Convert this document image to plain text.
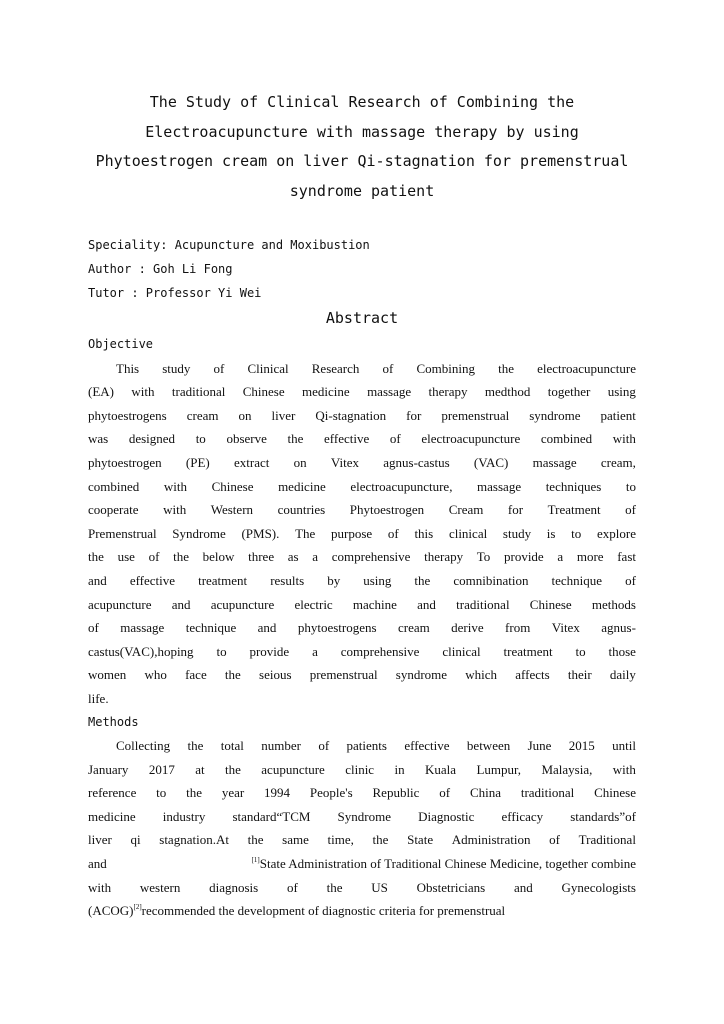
The Study of Clinical Research of Combining the
Electroacupuncture with massage therapy by using
Phytoestrogen cream on liver Qi-stagnation for premenstrual
syndrome patient
Speciality: Acupuncture and Moxibustion
Author : Goh Li Fong
Tutor : Professor Yi Wei
Abstract
Objective
This study of Clinical Research of Combining the electroacupuncture
(EA) with traditional Chinese medicine massage therapy medthod together using
phytoestrogens cream on liver Qi-stagnation for premenstrual syndrome patient
was designed to observe the effective of electroacupuncture combined with
phytoestrogen (PE) extract on Vitex agnus-castus (VAC) massage cream,
combined with Chinese medicine electroacupuncture, massage techniques to
cooperate with Western countries Phytoestrogen Cream for Treatment of
Premenstrual Syndrome (PMS). The purpose of this clinical study is to explore
the use of the below three as a comprehensive therapy To provide a more fast
and effective treatment results by using the comnibination technique of
acupuncture and acupuncture electric machine and traditional Chinese methods
of massage technique and phytoestrogens cream derive from Vitex agnus-
castus(VAC),hoping to provide a comprehensive clinical treatment to those
women who face the seious premenstrual syndrome which affects their daily
life.
Methods
Collecting the total number of patients effective between June 2015 until
January 2017 at the acupuncture clinic in Kuala Lumpur, Malaysia, with
reference to the year 1994 People's Republic of China traditional Chinese
medicine industry standard“TCM Syndrome Diagnostic efficacy standards”of
liver qi stagnation.At the same time, the State Administration of Traditional
and	[1]State Administration of Traditional Chinese Medicine, together combine
with western diagnosis of the US Obstetricians and Gynecologists
(ACOG)[2]recommended the development of diagnostic criteria for premenstrual
